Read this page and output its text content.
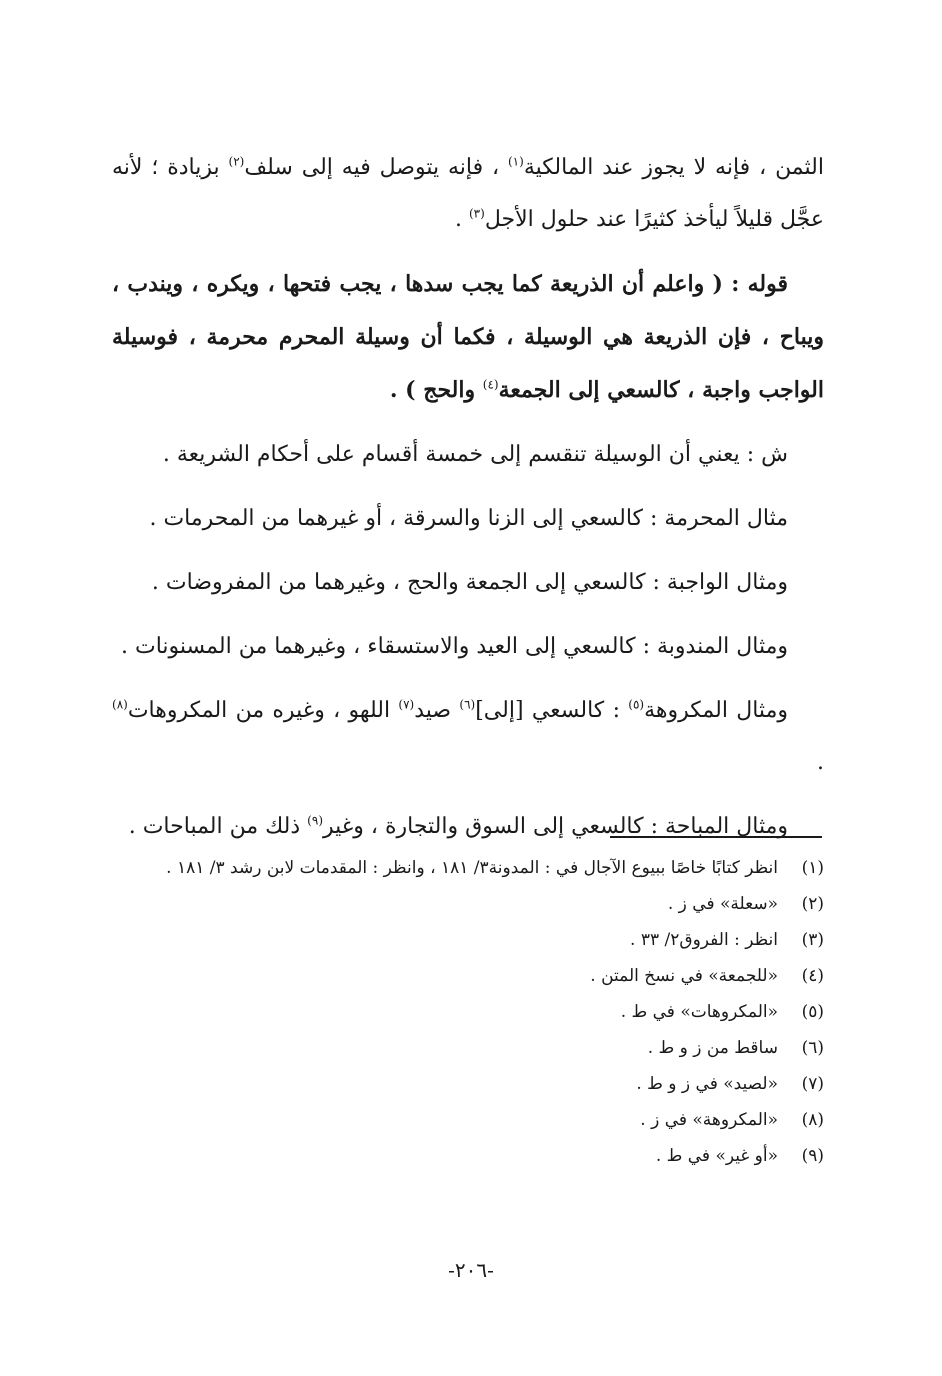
الثمن ، فإنه لا يجوز عند المالكية$^{(١)}$ ، فإنه يتوصل فيه إلى سلف$^{(٢)}$ بزيادة ؛ لأنه عجَّل قليلاً ليأخذ كثيرًا عند حلول الأجل$^{(٣)}$ .

قوله : ( واعلم أن الذريعة كما يجب سدها ، يجب فتحها ، ويكره ، ويندب ، ويباح ، فإن الذريعة هي الوسيلة ، فكما أن وسيلة المحرم محرمة ، فوسيلة الواجب واجبة ، كالسعي إلى الجمعة$^{(٤)}$ والحج ) .

ش : يعني أن الوسيلة تنقسم إلى خمسة أقسام على أحكام الشريعة .

مثال المحرمة : كالسعي إلى الزنا والسرقة ، أو غيرهما من المحرمات .

ومثال الواجبة : كالسعي إلى الجمعة والحج ، وغيرهما من المفروضات .

ومثال المندوبة : كالسعي إلى العيد والاستسقاء ، وغيرهما من المسنونات .

ومثال المكروهة$^{(٥)}$ : كالسعي [إلى]$^{(٦)}$ صيد$^{(٧)}$ اللهو ، وغيره من المكروهات$^{(٨)}$ .

ومثال المباحة : كالسعي إلى السوق والتجارة ، وغير$^{(٩)}$ ذلك من المباحات .

(١)
انظر كتابًا خاصًا ببيوع الآجال في : المدونة٣/ ١٨١ ، وانظر : المقدمات لابن رشد ٣/ ١٨١ .
(٢)
«سعلة» في ز .
(٣)
انظر : الفروق٢/ ٣٣ .
(٤)
«للجمعة» في نسخ المتن .
(٥)
«المكروهات» في ط .
(٦)
ساقط من ز و ط .
(٧)
«لصيد» في ز و ط .
(٨)
«المكروهة» في ز .
(٩)
«أو غير» في ط .
-٢٠٦-
